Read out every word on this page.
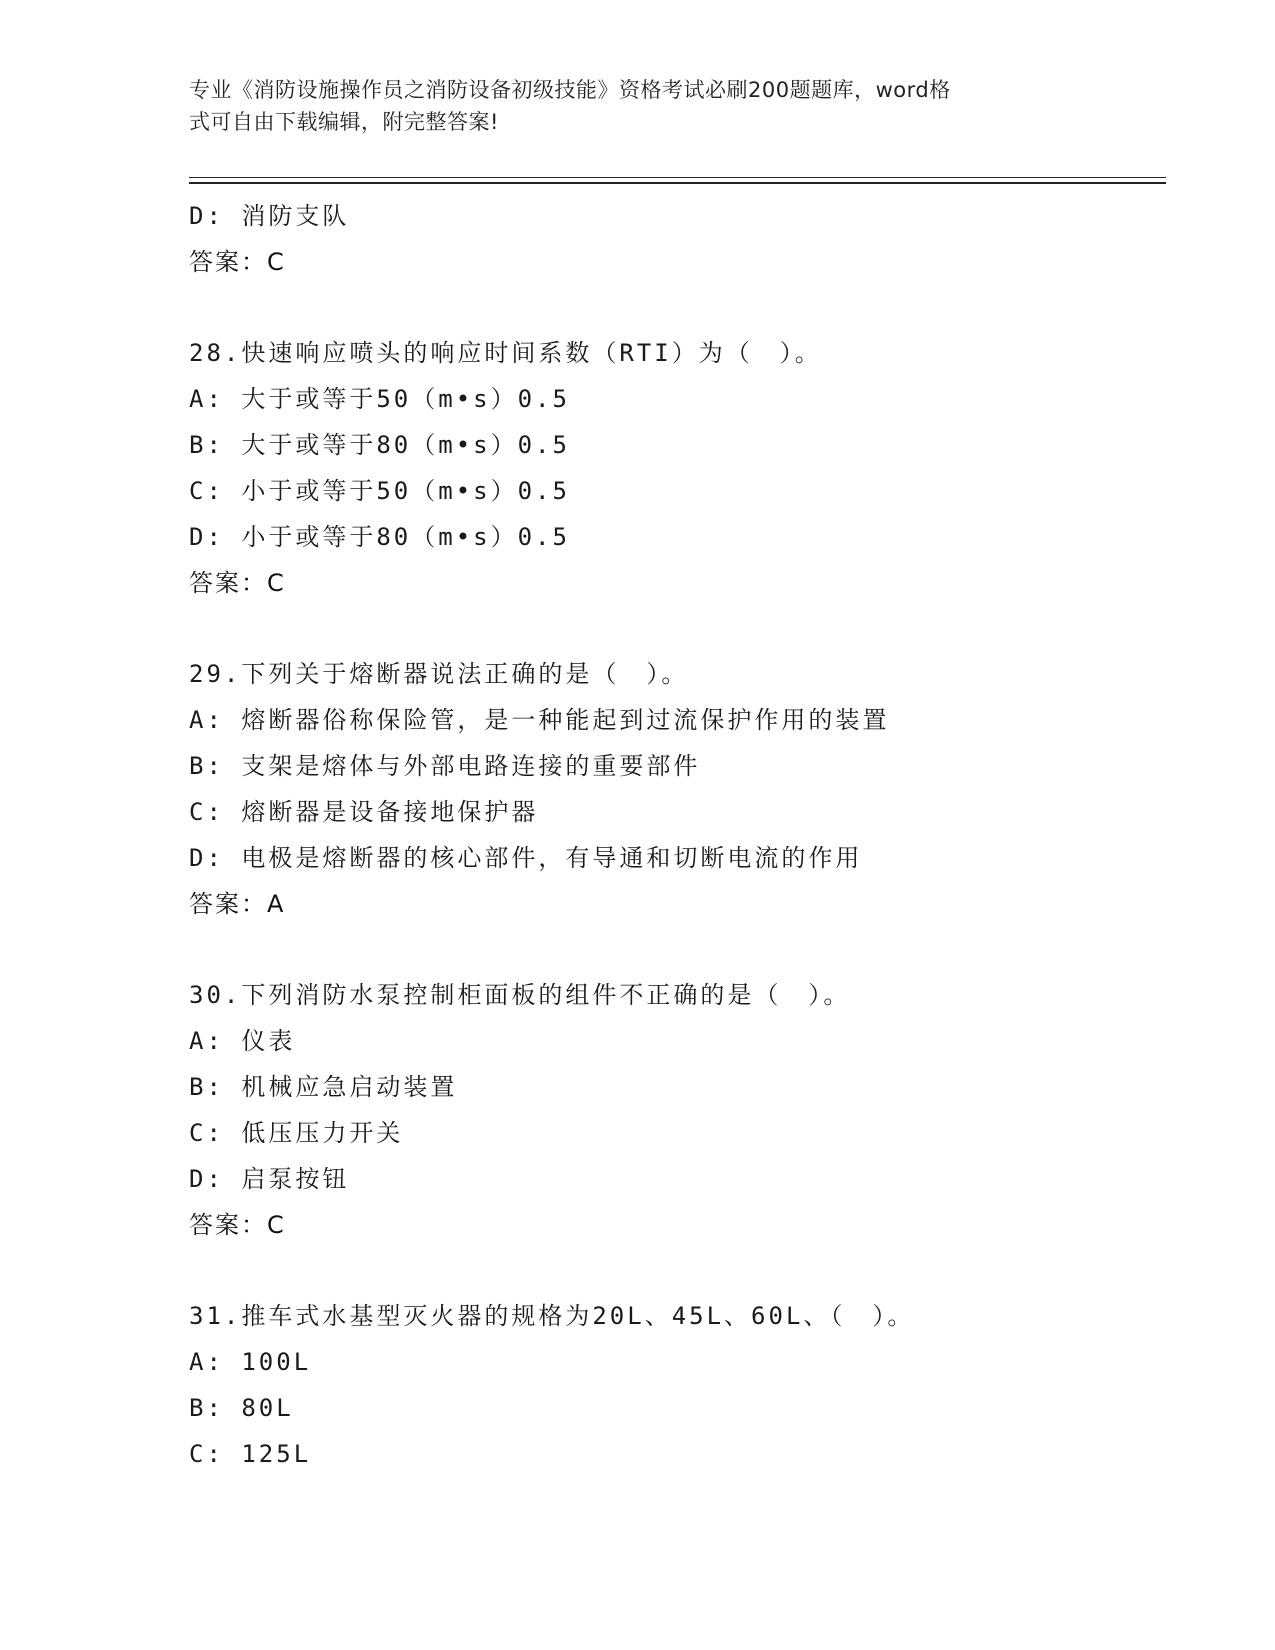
专业《消防设施操作员之消防设备初级技能》资格考试必刷200题题库，word格
式可自由下载编辑，附完整答案!
D: 消防支队
答案：C
28.快速响应喷头的响应时间系数（RTI）为（　）。
A: 大于或等于50（m•s）0.5
B: 大于或等于80（m•s）0.5
C: 小于或等于50（m•s）0.5
D: 小于或等于80（m•s）0.5
答案：C
29.下列关于熔断器说法正确的是（　）。
A: 熔断器俗称保险管，是一种能起到过流保护作用的装置
B: 支架是熔体与外部电路连接的重要部件
C: 熔断器是设备接地保护器
D: 电极是熔断器的核心部件，有导通和切断电流的作用
答案：A
30.下列消防水泵控制柜面板的组件不正确的是（　）。
A: 仪表
B: 机械应急启动装置
C: 低压压力开关
D: 启泵按钮
答案：C
31.推车式水基型灭火器的规格为20L、45L、60L、（　）。
A: 100L
B: 80L
C: 125L
